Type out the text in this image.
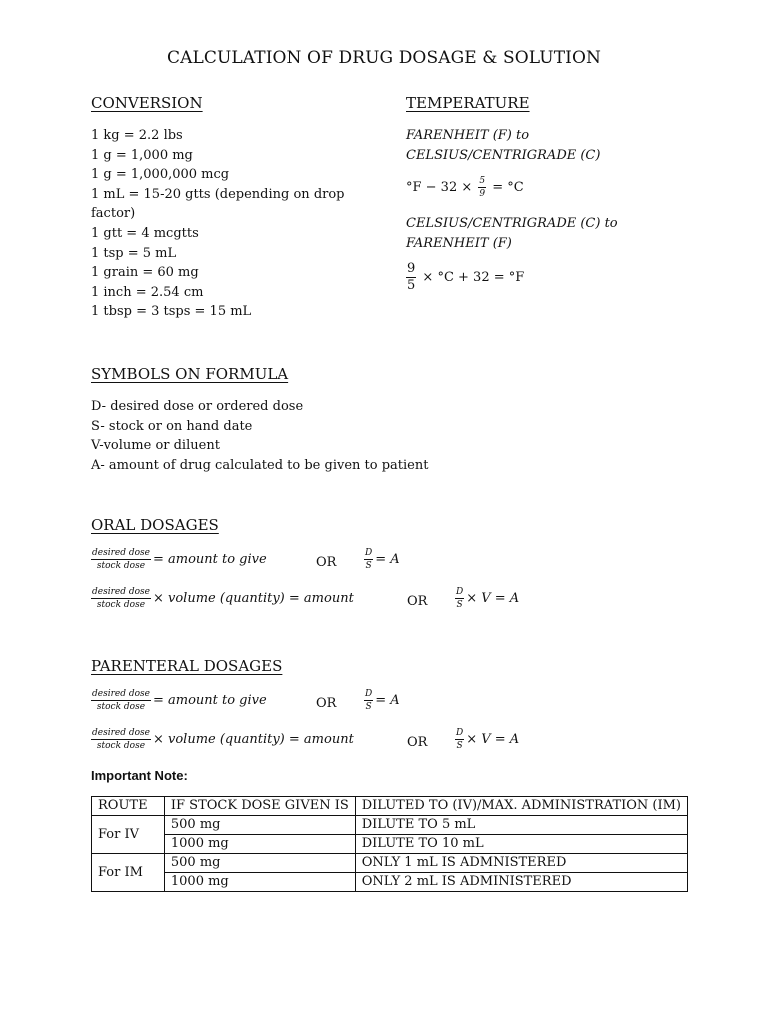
CALCULATION OF DRUG DOSAGE & SOLUTION
CONVERSION
1 kg = 2.2 lbs
1 g = 1,000 mg
1 g = 1,000,000 mcg
1 mL = 15-20 gtts (depending on drop
factor)
1 gtt = 4 mcgtts
1 tsp = 5 mL
1 grain = 60 mg
1 inch = 2.54 cm
1 tbsp = 3 tsps = 15 mL
TEMPERATURE
FARENHEIT (F) to
CELSIUS/CENTRIGRADE (C)
$^\circ F - 32 \times \frac{5}{9} = ^\circ C$
CELSIUS/CENTRIGRADE (C) to
FARENHEIT (F)
$\frac{9}{5} \times ^\circ C + 32 = ^\circ F$
SYMBOLS ON FORMULA
D- desired dose or ordered dose
S- stock or on hand date
V-volume or diluent
A- amount of drug calculated to be given to patient
ORAL DOSAGES
$\frac{\text{desired dose}}{\text{stock dose}}$ = amount to give	OR	$\frac{D}{S} = A$
$\frac{\text{desired dose}}{\text{stock dose}}$ × volume (quantity) = amount	OR	$\frac{D}{S} \times V = A$
PARENTERAL DOSAGES
$\frac{\text{desired dose}}{\text{stock dose}}$ = amount to give	OR	$\frac{D}{S} = A$
$\frac{\text{desired dose}}{\text{stock dose}}$ × volume (quantity) = amount	OR	$\frac{D}{S} \times V = A$
Important Note:
ROUTE	IF STOCK DOSE GIVEN IS	DILUTED TO (IV)/MAX. ADMINISTRATION (IM)
For IV	500 mg	DILUTE TO 5 mL
	1000 mg	DILUTE TO 10 mL
For IM	500 mg	ONLY 1 mL IS ADMNISTERED
	1000 mg	ONLY 2 mL IS ADMINISTERED
